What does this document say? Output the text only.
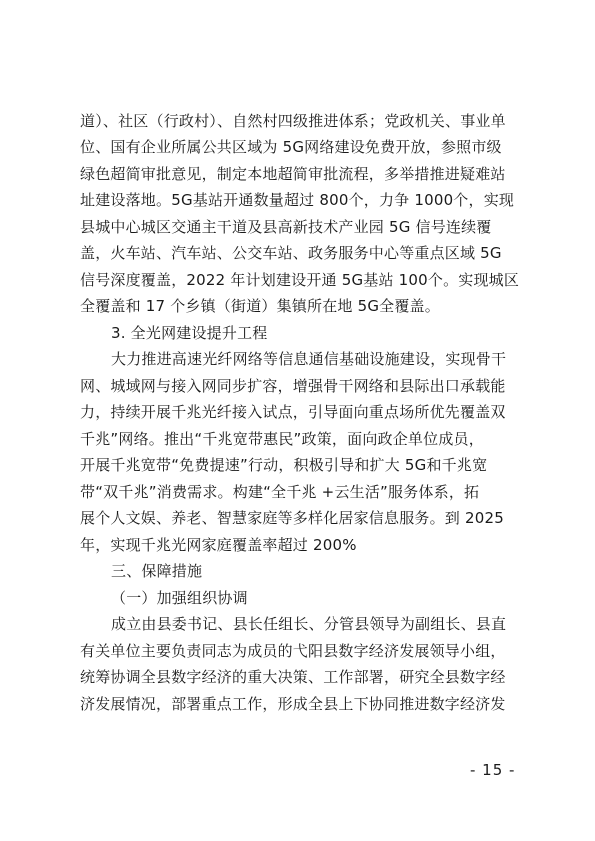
道）、社区（行政村）、自然村四级推进体系；党政机关、事业单
位、国有企业所属公共区域为 5G网络建设免费开放，参照市级
绿色超简审批意见，制定本地超简审批流程，多举措推进疑难站
址建设落地。5G基站开通数量超过 800个，力争 1000个，实现
县城中心城区交通主干道及县高新技术产业园 5G 信号连续覆
盖，火车站、汽车站、公交车站、政务服务中心等重点区域 5G
信号深度覆盖，2022 年计划建设开通 5G基站 100个。实现城区
全覆盖和 17 个乡镇（街道）集镇所在地 5G全覆盖。
3. 全光网建设提升工程
大力推进高速光纤网络等信息通信基础设施建设，实现骨干
网、城域网与接入网同步扩容，增强骨干网络和县际出口承载能
力，持续开展千兆光纤接入试点，引导面向重点场所优先覆盖双
千兆”网络。推出“千兆宽带惠民”政策，面向政企单位成员，
开展千兆宽带“免费提速”行动，积极引导和扩大 5G和千兆宽
带“双千兆”消费需求。构建“全千兆 +云生活”服务体系，拓
展个人文娱、养老、智慧家庭等多样化居家信息服务。到 2025
年，实现千兆光网家庭覆盖率超过 200%
三、保障措施
（一）加强组织协调
成立由县委书记、县长任组长、分管县领导为副组长、县直
有关单位主要负责同志为成员的弋阳县数字经济发展领导小组，
统筹协调全县数字经济的重大决策、工作部署，研究全县数字经
济发展情况，部署重点工作，形成全县上下协同推进数字经济发
- 15 -
